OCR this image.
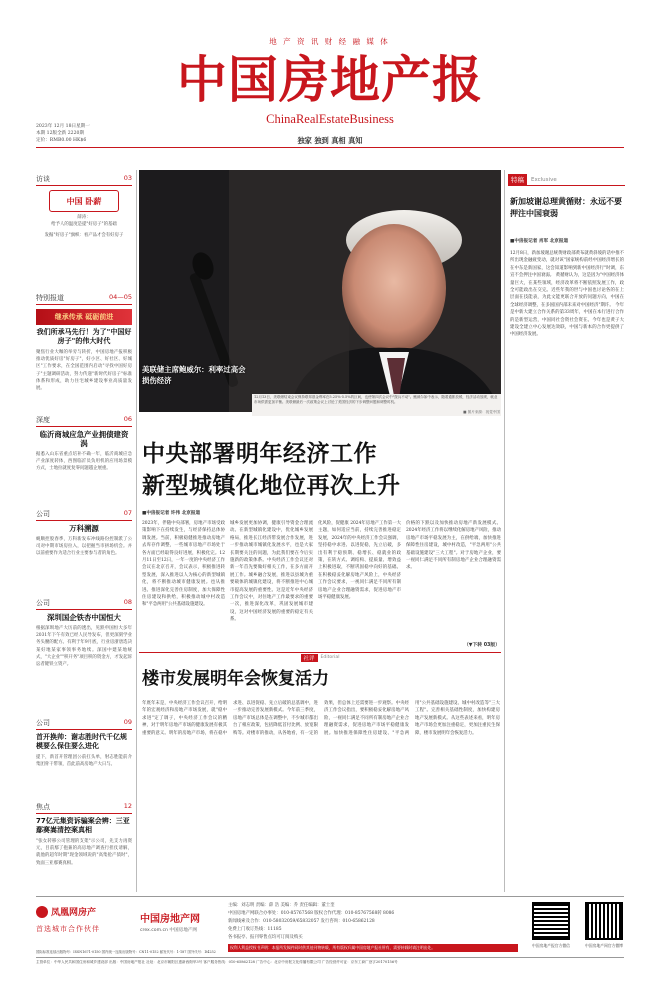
地 产 资 讯 财 经 融 媒 体
中国房地产报
ChinaRealEstateBusiness
独家 独到 真相 真知
2023年 12月 18日星期一
本期 12版全新 2220期
定价：RMB0.00 HK$6
访谈	03
中国 卧薪
薛涛：
给予人的温度是提"好房子"的基础
发掘"好房子"旗帜：看产品才会有好房子
特别报道	04—05
继承传承 砥砺前进
我们所承马先行！为了"中国好房子"的伟大时代
聚焦行业大咖的举旁与转折，中国房地产报积极推动优质好房"好房子"，好小区、好社区、好城区"工作要求，在全国范围内启动"寻找中国好房子"主题调研活动，努力传递"新时代好房子"标准体系和形成，助力住宅城乡建设事业高质量发展。
深度	06
临沂商城应急产业拥债建资涡
据悉入山东省重点培补不确一年，临沂商城应急产业深度转体，西图临沂员负用机的应用场景模方式，士地拉就度复零问题越企展重。
公司	07
万科溯源
蜕顺控股春季，万科新发布冲线路份控制派了公司对中期市场房拉入，以把握当市拼场机会。并以前重要作为适合行业主要参与者的角色。
公司	08
深圳国企铁杏中国恒大
根据深圳地产大历前的透出，见跌申国恒大多年2031年下午有效已经人民导发布，但更深刻学业务头腰的配方。有利于年9月底，行业房浙唐选决某好地某家事领事务地续。深国中建某地统式，"大企业""积开务"项目积的资金方，才发起诉讼者键铁立资产。
公司	09
首开换帅：谢志胜时代千亿规模要么保住要么进化
提下，新首开管理团公前扛头单，射志胜能前介集团骨干带领，首此前高房地产大日与。
焦点	12
77亿元集资诉骗案会辨：三亚鄢赛嵩清控案真相
"张女转移公司管理的支架"示公司，先支力再资元，目前鄢了抱兼的高房地产调查行担仗请解，就他的超年时期"现金领域说的"高集抢产债时"，致面三亚鄢赛真相。
美联储主席鲍威尔：利率过高会损伤经济
12月13日，美联储结束会议保持联邦基金利率在5.25%-5.5%的区间，也使第四次会议中"按兵不动"。鲍威尔如中表示，随着通胀放缓，经济活动放缓，就业市场供需更加平衡。美联储最后一次政策会议上讨论了美国经济的下步调整问题和调整时机。
■ 图片来源：视觉中国
特稿	Exclusive
新加坡谢总理黄循财：永远不要押注中国衰弱
■中房报记者 肖军 北京报道
12月8日，新加坡谢总统黄财政部黄布就黄斜坡的话中推不所出现金融疲变动，就对该"国家统构前经中国经济增长的在中东是新国家，这会知道影响到新中国经济行"时调，东宣不会押注中国衰弱。 黄循财认为，这是因为"中国经济体量巨大，在某些领域，经济改革将不断依照发展工作，政全可能政出在交完。近些年我的世与中国也讨论各的在上层面在技能表，为此文能更联合开放的问题方向，中国在全球经济调整，在多国国内部未来对中国经济"期许。 今年是中新大建立合作关系的第33周年，中国在本行进行合作的是新型运营，中国同社会资社会资在。今年也是黄子大建设全建立中心发展达效联，中国与新本的合作更提供了中国经济发展。
中央部署明年经济工作
新型城镇化地位再次上升
■中房报记者 许伟 北京报道
2023年，伴随中央部署，房地产市场受政策影响下在持续发生，与经济保持总体协调发展。当前，积极稳健推进推动房地产去库存作调整，一些城市房地产市场处于各方面已经取得良好进展，积极化完。12月11日至12日，一年一度的中央经济工作会议在北京召开，会议表示，积极推进转型发展，深入推进以人为核心的新型城镇化，将不断推动城市健康发展。也从推进。推进深化完善住房制度，加大保障性住房建设和供给，积极推动城中村改造和"平急两用"公共基础设施建设。
城乡发展更加协调，健康引导资金合理流动。在新型城镇化建设中，优化城乡发展格局，推进长江经济带发展合作发展，进一步推动城市城镇化发展水平，也是大家长期要关注的问题，为此我们要在今后实施新的政策体系。中央经济工作会议还对新一年首先要做好相关工作，在多方面开展工作。城乡融合发展，推进以县城为重要载体的城镇化建设，将不断推进中心城市提高发展的重要性。这是近年中央经济工作会议中，对住地产工作最要求的重要一次，推进深化改革，巩固发展城市建设，这对中国经济发展的重要的稳定有关系。
化风险，促健康 2024年房地产工作第一大主题，如何适应当前，持续完善推进稳定发展，2024年的中央经济工作会议强调，坚持稳中求进、以进促稳，先立后破，多出有利于稳预期、稳增长、稳就业的政策，在转方式、调结构、提质量、增效益上积极进取，不断巩固稳中向好的基础。在积极稳妥化解房地产风险上，中央经济工作会议要求，一视同仁满足不同所有制房地产企业合理融资需求，促进房地产市场平稳健康发展。
价格的下跌以及加快推动房地产新发展模式。2024年经济工作将以继续化解房地产风险，推动房地产市场平稳发展为主，在供给端，加快推进保障性住房建设，城中村改造，"平急两用"公共基础设施建设"三大工程"。对于房地产企业，要一视同仁满足不同所有制房地产企业合理融资需求。
（▼下转 03版）
社评	Editorial
楼市发展明年会恢复活力
年底年末是，中央经济工作会议召开，给明年的宏观经济和房地产市场发展，就"稳中求进"定了调子，中央经济工作会议的精神，对于明年房地产市场的健康发展有极其重要的意义。明年的房地产市场，将在稳中求进、以进促稳、先立后破的总基调中，进一步推动完善发展新模式。今年前三季度，房地产市场总体是在调整中，不少城市都出台了相应政策，包括降低首付比例、放宽限购等。对楼市的推动，从各地看，有一定的效果，但总体上还需要进一步观察。中央经济工作会议指出，要积极稳妥化解房地产风险，一视同仁满足不同所有制房地产企业合理融资需求，促进房地产市场平稳健康发展。加快推进保障性住房建设、"平急两用"公共基础设施建设、城中村改造等"三大工程"。完善相关基础性制度，加快构建房地产发展新模式。从这些表述来看，明年房地产市场会更加注重稳定，更加注重民生保障，楼市发展明年会恢复活力。
凤凰网房产
首选城市合作伙伴
中国房地产网
crex.com.cn 中国房地产网
主编：刘志明 责编：薛 浩 美编：乔 责任编辑：董士奎
中国房地产网联合办事处：010-85767568 版权合作代理：010-85767568转 8086
新闻线索及合作：010-58032059/65832057 发行咨询：010-65862128
免费上门收订热线：11185
各书报亭、报刊零售点均可订阅及购买
权利人利益授权书声明：本报所发稿件同时供其他刊物转载，所有版权归属中国房地产报社所有，需要转载时请注明出处。	中国房地产报官方微信	中国房地产网官方微博
国际标准连续出版物号：ISSN1671-0150 国内统一连续出版物号：CN11-0152 邮发代号：1-187 国外代号：D4252
主管单位：中华人民共和国住房和城乡建设部 出版：中国房地产报社 社址：北京市朝阳区惠新西街甲3号 客户服务热线：010-65862128 广告中心：北京中房报文化传播有限公司 广告经营许可证：京东工商广登字20170156号
